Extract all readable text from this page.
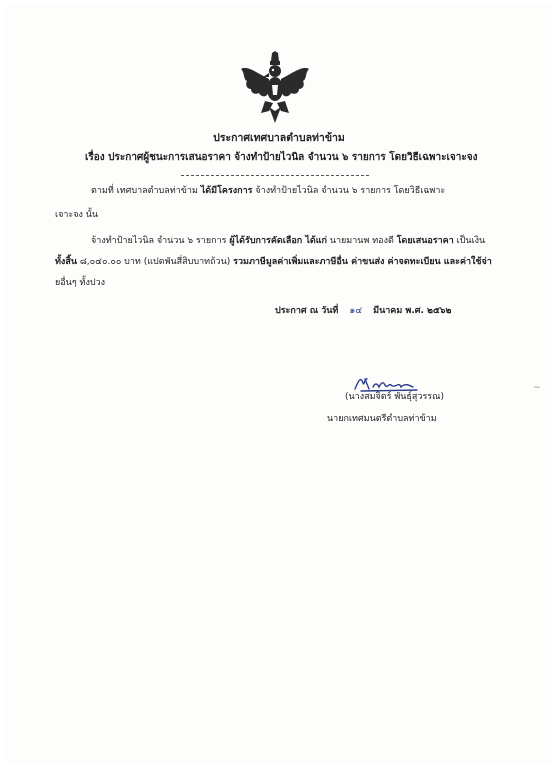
ประกาศเทศบาลตำบลท่าข้าม
เรื่อง ประกาศผู้ชนะการเสนอราคา จ้างทำป้ายไวนิล จำนวน ๖ รายการ โดยวิธีเฉพาะเจาะจง
ตามที่ เทศบาลตำบลท่าข้าม ได้มีโครงการ จ้างทำป้ายไวนิล จำนวน ๖ รายการ โดยวิธีเฉพาะ
เจาะจง นั้น
จ้างทำป้ายไวนิล จำนวน ๖ รายการ ผู้ได้รับการคัดเลือก ได้แก่ นายมานพ ทองดี โดยเสนอราคา เป็นเงิน
ทั้งสิ้น ๘,๐๔๐.๐๐ บาท (แปดพันสี่สิบบาทถ้วน) รวมภาษีมูลค่าเพิ่มและภาษีอื่น ค่าขนส่ง ค่าจดทะเบียน และค่าใช้จ่า
ยอื่นๆ ทั้งปวง
ประกาศ ณ วันที่ ๑๔ มีนาคม พ.ศ. ๒๕๖๒
~
(นางสมจิตร์ พันธุ์สุวรรณ)
นายกเทศมนตรีตำบลท่าข้าม
